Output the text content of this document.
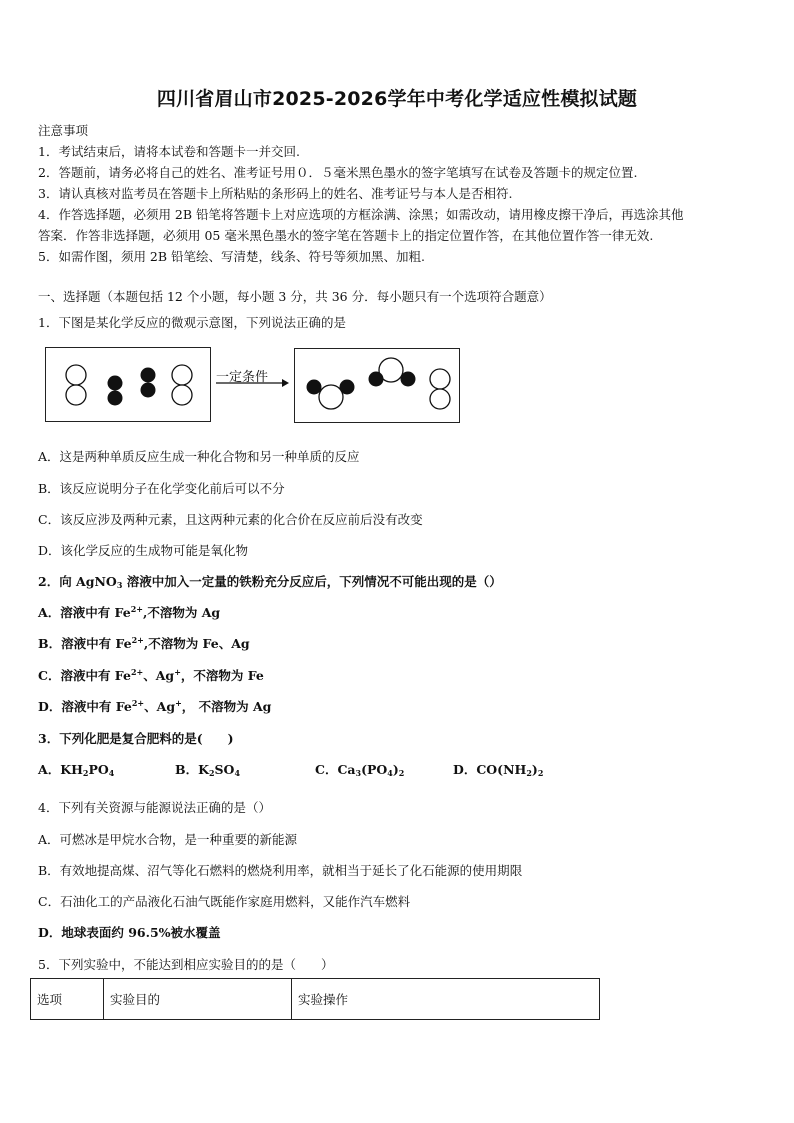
四川省眉山市2025-2026学年中考化学适应性模拟试题
注意事项
1．考试结束后，请将本试卷和答题卡一并交回.
2．答题前，请务必将自己的姓名、准考证号用０．５毫米黑色墨水的签字笔填写在试卷及答题卡的规定位置.
3．请认真核对监考员在答题卡上所粘贴的条形码上的姓名、准考证号与本人是否相符.
4．作答选择题，必须用 2B 铅笔将答题卡上对应选项的方框涂满、涂黑；如需改动，请用橡皮擦干净后，再选涂其他
答案．作答非选择题，必须用 05 毫米黑色墨水的签字笔在答题卡上的指定位置作答，在其他位置作答一律无效.
5．如需作图，须用 2B 铅笔绘、写清楚，线条、符号等须加黑、加粗.
一、选择题（本题包括 12 个小题，每小题 3 分，共 36 分．每小题只有一个选项符合题意）
1．下图是某化学反应的微观示意图，下列说法正确的是
一定条件
A．这是两种单质反应生成一种化合物和另一种单质的反应
B．该反应说明分子在化学变化前后可以不分
C．该反应涉及两种元素，且这两种元素的化合价在反应前后没有改变
D．该化学反应的生成物可能是氧化物
2．向 AgNO$_3$ 溶液中加入一定量的铁粉充分反应后，下列情况不可能出现的是（）
A．溶液中有 $Fe^{2+}$,不溶物为 Ag
B．溶液中有 $Fe^{2+}$,不溶物为 Fe、Ag
C．溶液中有 $Fe^{2+}$、Ag+，不溶物为 Fe
D．溶液中有 $Fe^{2+}$、Ag+， 不溶物为 Ag
3．下列化肥是复合肥料的是(　　)
A．$KH_2PO_4$	B．$K_2SO_4$	C．$Ca_3(PO_4)_2$	D．$CO(NH_2)_2$
4．下列有关资源与能源说法正确的是（）
A．可燃冰是甲烷水合物，是一种重要的新能源
B．有效地提高煤、沼气等化石燃料的燃烧利用率，就相当于延长了化石能源的使用期限
C．石油化工的产品液化石油气既能作家庭用燃料，又能作汽车燃料
D．地球表面约 96.5%被水覆盖
5．下列实验中，不能达到相应实验目的的是（　　）
选项	实验目的	实验操作
